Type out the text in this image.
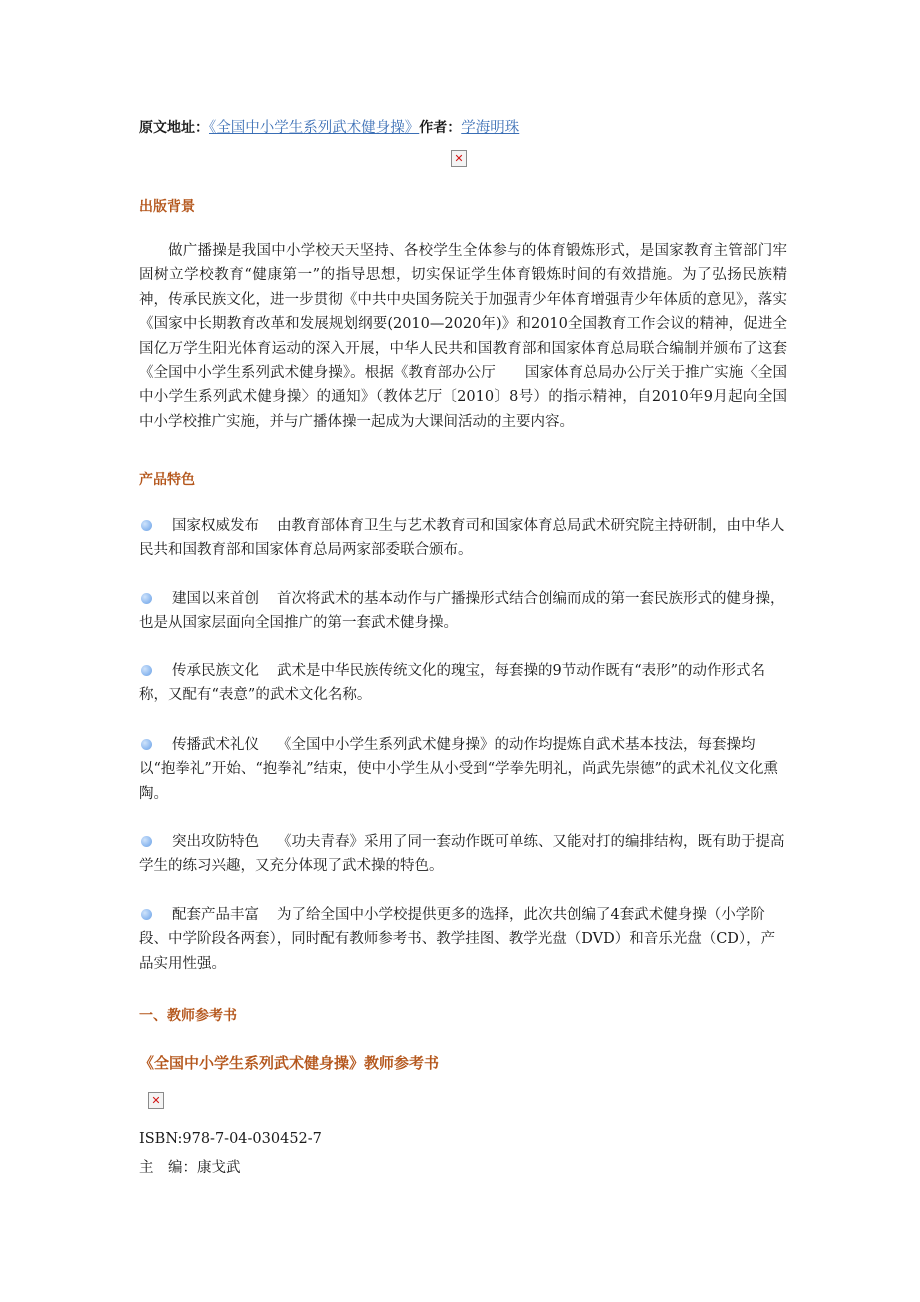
原文地址：《全国中小学生系列武术健身操》作者：学海明珠
✕
出版背景

做广播操是我国中小学校天天坚持、各校学生全体参与的体育锻炼形式，是国家教育主管部门牢固树立学校教育“健康第一”的指导思想，切实保证学生体育锻炼时间的有效措施。为了弘扬民族精神，传承民族文化，进一步贯彻《中共中央国务院关于加强青少年体育增强青少年体质的意见》，落实《国家中长期教育改革和发展规划纲要(2010—2020年)》和2010全国教育工作会议的精神，促进全国亿万学生阳光体育运动的深入开展，中华人民共和国教育部和国家体育总局联合编制并颁布了这套《全国中小学生系列武术健身操》。根据《教育部办公厅　　国家体育总局办公厅关于推广实施〈全国中小学生系列武术健身操〉的通知》（教体艺厅〔2010〕8号）的指示精神，自2010年9月起向全国中小学校推广实施，并与广播体操一起成为大课间活动的主要内容。

产品特色

国家权威发布 由教育部体育卫生与艺术教育司和国家体育总局武术研究院主持研制，由中华人民共和国教育部和国家体育总局两家部委联合颁布。

建国以来首创 首次将武术的基本动作与广播操形式结合创编而成的第一套民族形式的健身操，也是从国家层面向全国推广的第一套武术健身操。

传承民族文化 武术是中华民族传统文化的瑰宝，每套操的9节动作既有“表形”的动作形式名称，又配有“表意”的武术文化名称。

传播武术礼仪 《全国中小学生系列武术健身操》的动作均提炼自武术基本技法，每套操均以“抱拳礼”开始、“抱拳礼”结束，使中小学生从小受到“学拳先明礼，尚武先崇德”的武术礼仪文化熏陶。

突出攻防特色 《功夫青春》采用了同一套动作既可单练、又能对打的编排结构，既有助于提高学生的练习兴趣，又充分体现了武术操的特色。

配套产品丰富 为了给全国中小学校提供更多的选择，此次共创编了4套武术健身操（小学阶段、中学阶段各两套），同时配有教师参考书、教学挂图、教学光盘（DVD）和音乐光盘（CD），产品实用性强。

一、教师参考书
《全国中小学生系列武术健身操》教师参考书
✕
ISBN:978-7-04-030452-7
主　编：康戈武
